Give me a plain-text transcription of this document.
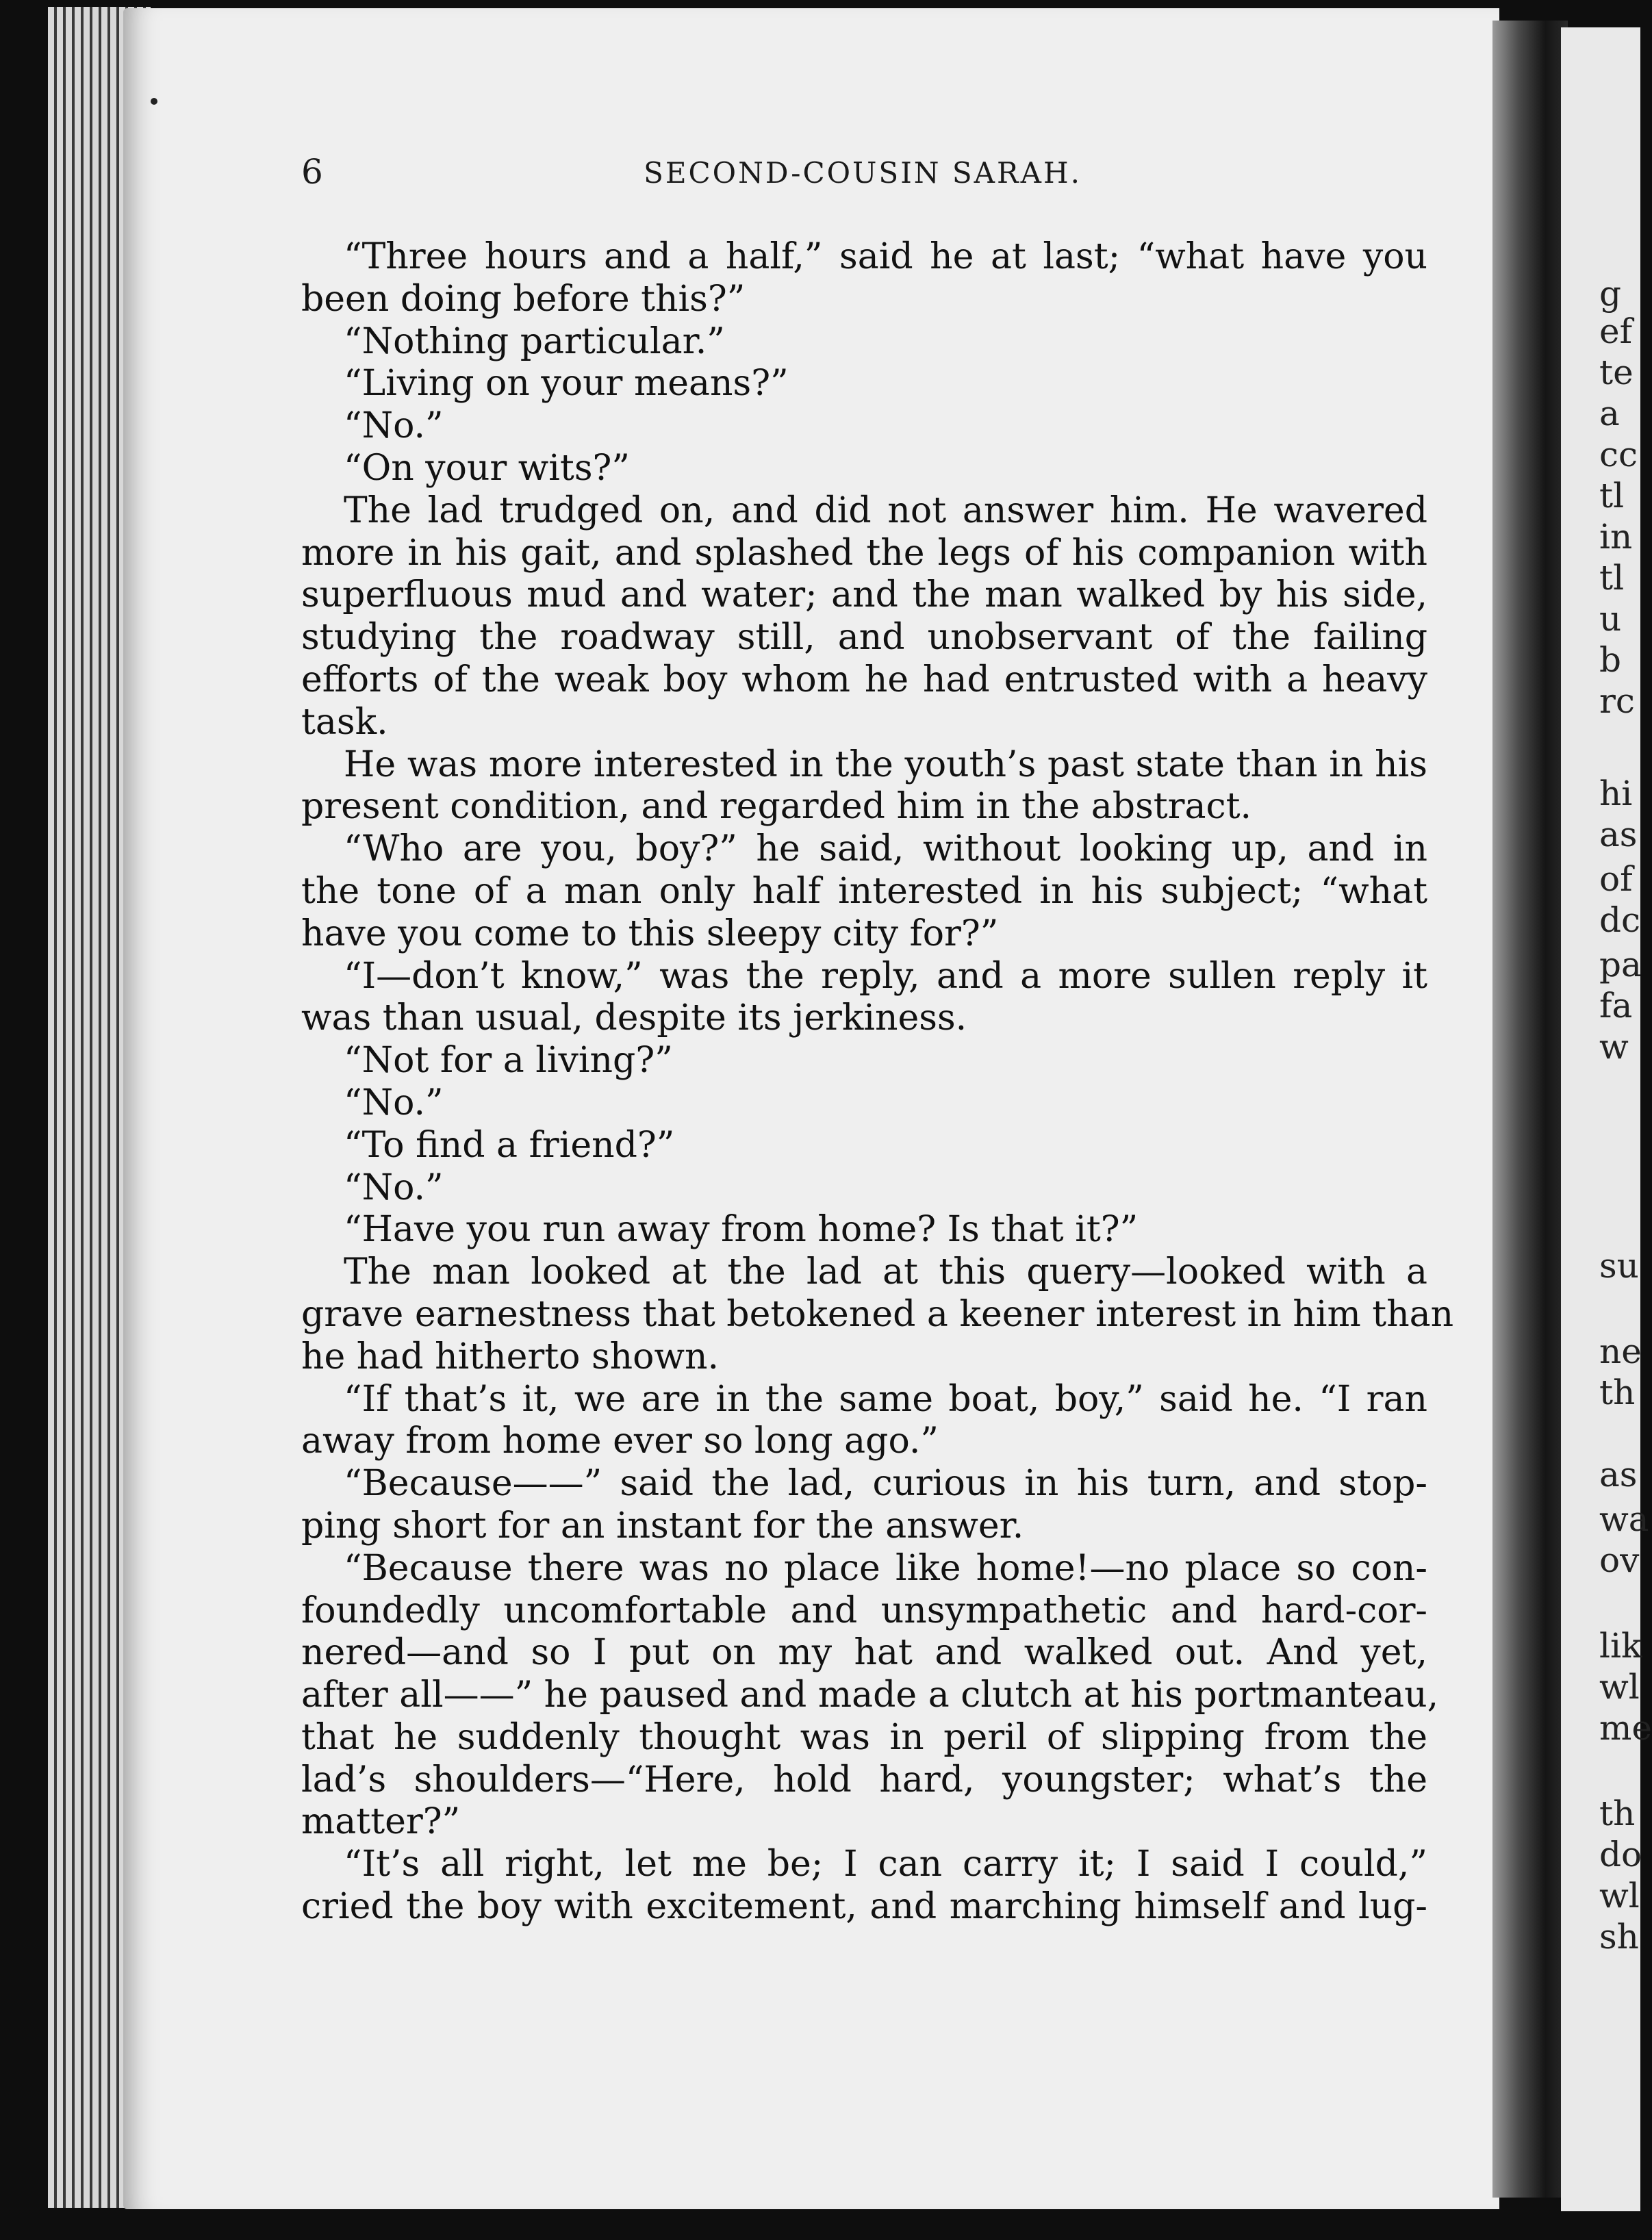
6	SECOND-COUSIN SARAH.
“Three hours and a half,” said he at last; “what have you
been doing before this?”
“Nothing particular.”
“Living on your means?”
“No.”
“On your wits?”
The lad trudged on, and did not answer him. He wavered
more in his gait, and splashed the legs of his companion with
superfluous mud and water; and the man walked by his side,
studying the roadway still, and unobservant of the failing
efforts of the weak boy whom he had entrusted with a heavy
task.
He was more interested in the youth’s past state than in his
present condition, and regarded him in the abstract.
“Who are you, boy?” he said, without looking up, and in
the tone of a man only half interested in his subject; “what
have you come to this sleepy city for?”
“I—don’t know,” was the reply, and a more sullen reply it
was than usual, despite its jerkiness.
“Not for a living?”
“No.”
“To find a friend?”
“No.”
“Have you run away from home? Is that it?”
The man looked at the lad at this query—looked with a
grave earnestness that betokened a keener interest in him than
he had hitherto shown.
“If that’s it, we are in the same boat, boy,” said he. “I ran
away from home ever so long ago.”
“Because——” said the lad, curious in his turn, and stop-
ping short for an instant for the answer.
“Because there was no place like home!—no place so con-
foundedly uncomfortable and unsympathetic and hard-cor-
nered—and so I put on my hat and walked out. And yet,
after all——” he paused and made a clutch at his portmanteau,
that he suddenly thought was in peril of slipping from the
lad’s shoulders—“Here, hold hard, youngster; what’s the
matter?”
“It’s all right, let me be; I can carry it; I said I could,”
cried the boy with excitement, and marching himself and lug-
g
ef
te
a
cc
tl
in
tl
u
b
rc
hi
as
of
dc
pa
fa
w
su
ne
th
as
wa
ov
lik
wl
me
th
do
wl
sh
